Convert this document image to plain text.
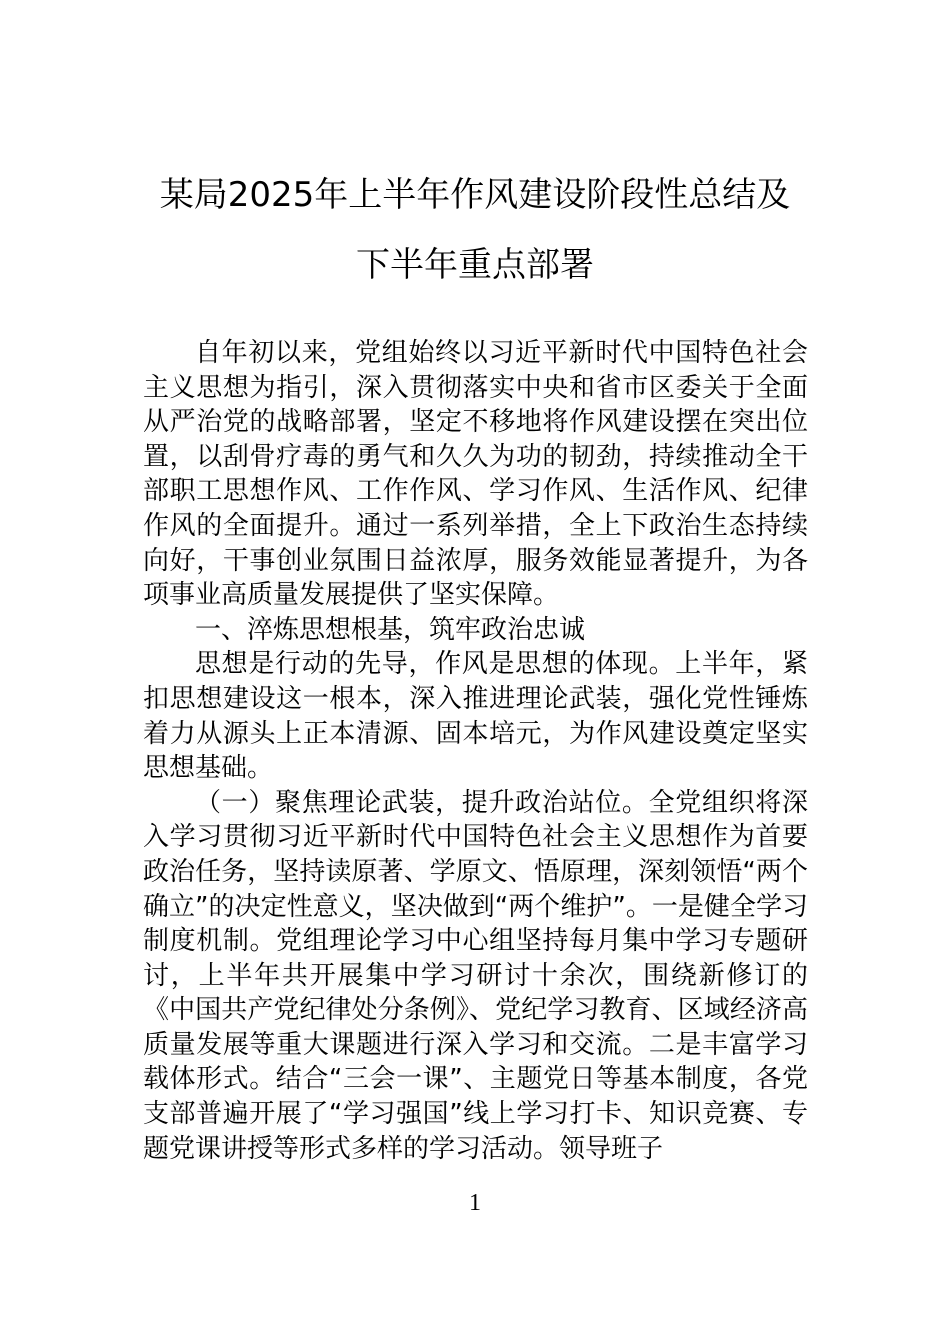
某局2025年上半年作风建设阶段性总结及
下半年重点部署

自年初以来，党组始终以习近平新时代中国特色社会主义思想为指引，深入贯彻落实中央和省市区委关于全面从严治党的战略部署，坚定不移地将作风建设摆在突出位置，以刮骨疗毒的勇气和久久为功的韧劲，持续推动全干部职工思想作风、工作作风、学习作风、生活作风、纪律作风的全面提升。通过一系列举措，全上下政治生态持续向好，干事创业氛围日益浓厚，服务效能显著提升，为各项事业高质量发展提供了坚实保障。

一、淬炼思想根基，筑牢政治忠诚

思想是行动的先导，作风是思想的体现。上半年，紧扣思想建设这一根本，深入推进理论武装，强化党性锤炼着力从源头上正本清源、固本培元，为作风建设奠定坚实思想基础。

（一）聚焦理论武装，提升政治站位。全党组织将深入学习贯彻习近平新时代中国特色社会主义思想作为首要政治任务，坚持读原著、学原文、悟原理，深刻领悟“两个确立”的决定性意义，坚决做到“两个维护”。一是健全学习制度机制。党组理论学习中心组坚持每月集中学习专题研讨，上半年共开展集中学习研讨十余次，围绕新修订的《中国共产党纪律处分条例》、党纪学习教育、区域经济高质量发展等重大课题进行深入学习和交流。二是丰富学习载体形式。结合“三会一课”、主题党日等基本制度，各党支部普遍开展了“学习强国”线上学习打卡、知识竞赛、专题党课讲授等形式多样的学习活动。领导班子

1
